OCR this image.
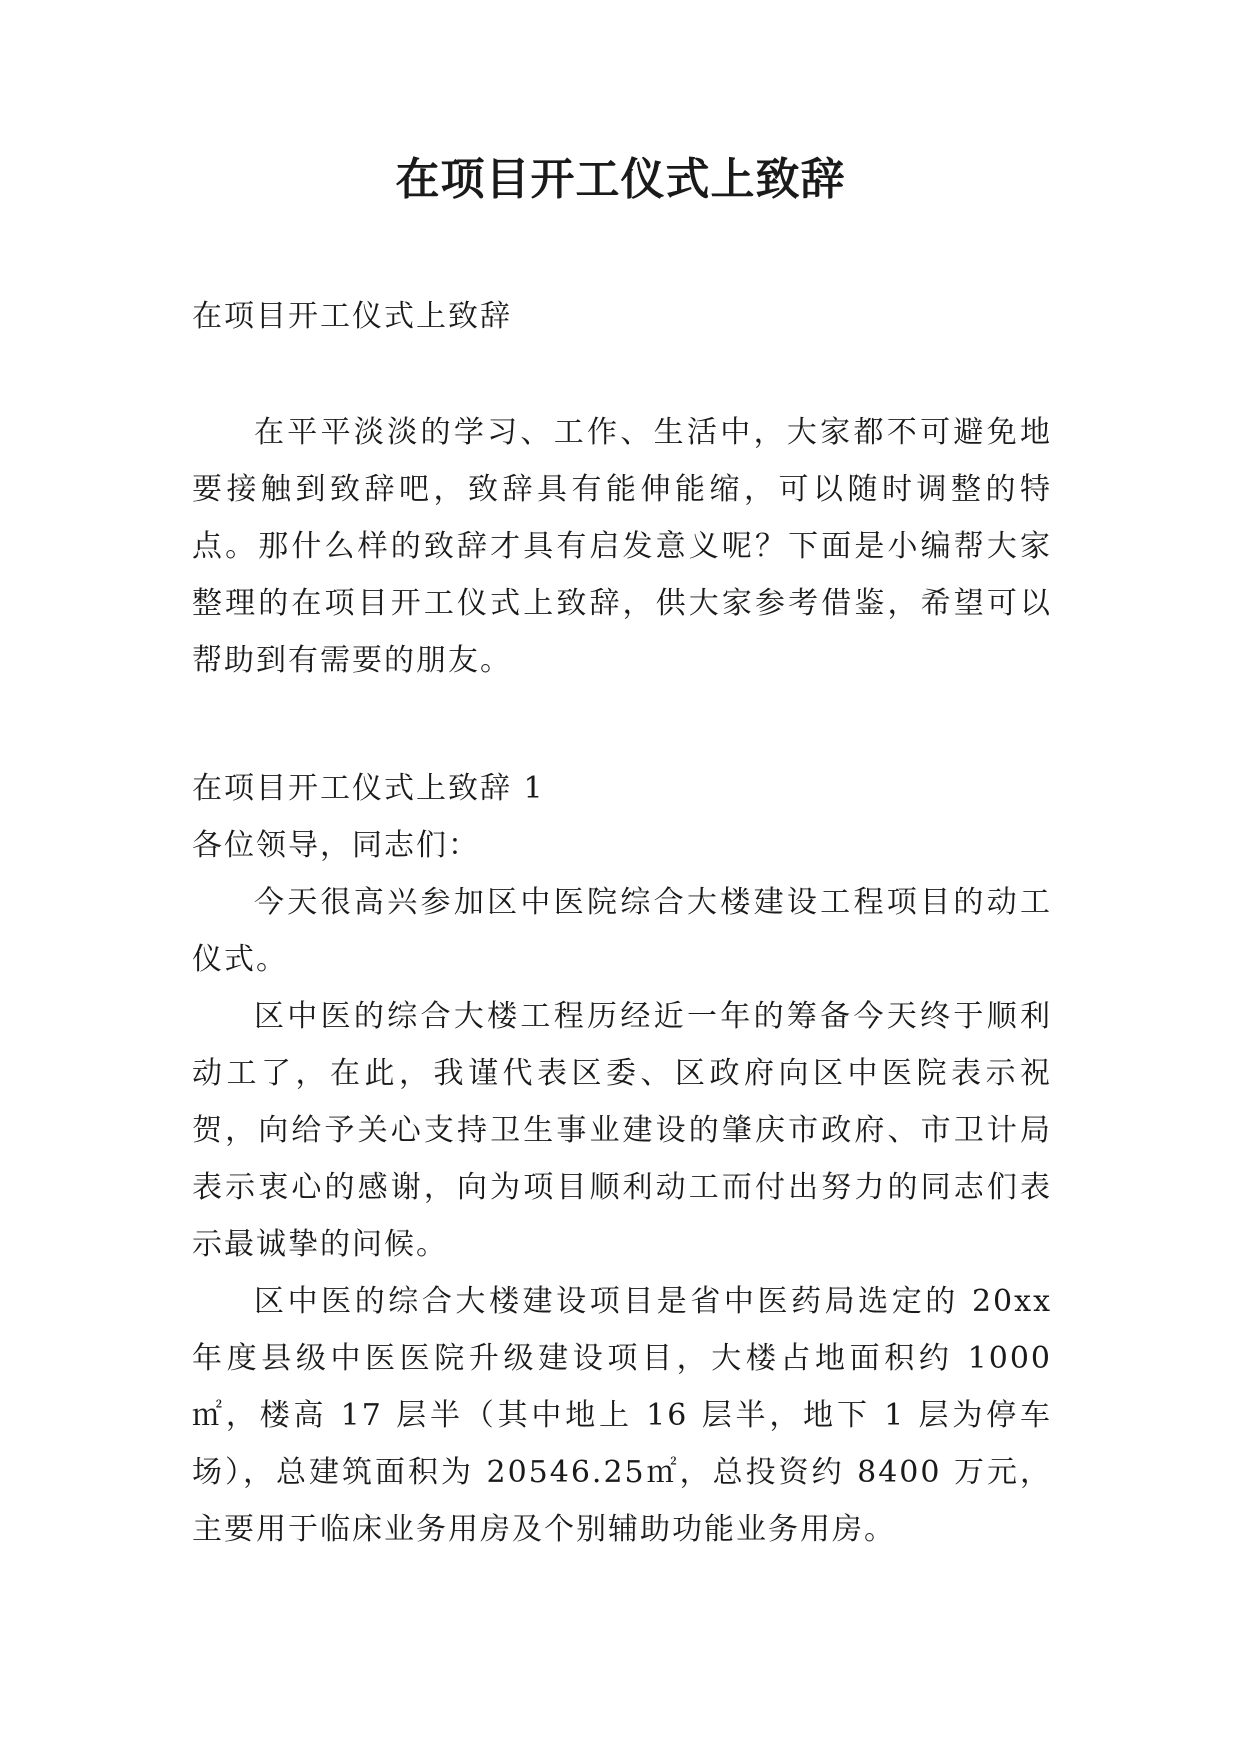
在项目开工仪式上致辞

在项目开工仪式上致辞

在平平淡淡的学习、工作、生活中，大家都不可避免地要接触到致辞吧，致辞具有能伸能缩，可以随时调整的特点。那什么样的致辞才具有启发意义呢？下面是小编帮大家整理的在项目开工仪式上致辞，供大家参考借鉴，希望可以帮助到有需要的朋友。

在项目开工仪式上致辞 1

各位领导，同志们：

今天很高兴参加区中医院综合大楼建设工程项目的动工仪式。

区中医的综合大楼工程历经近一年的筹备今天终于顺利动工了，在此，我谨代表区委、区政府向区中医院表示祝贺，向给予关心支持卫生事业建设的肇庆市政府、市卫计局表示衷心的感谢，向为项目顺利动工而付出努力的同志们表示最诚挚的问候。

区中医的综合大楼建设项目是省中医药局选定的 20xx 年度县级中医医院升级建设项目，大楼占地面积约 1000㎡，楼高 17 层半（其中地上 16 层半，地下 1 层为停车场），总建筑面积为 20546.25㎡，总投资约 8400 万元，主要用于临床业务用房及个别辅助功能业务用房。
